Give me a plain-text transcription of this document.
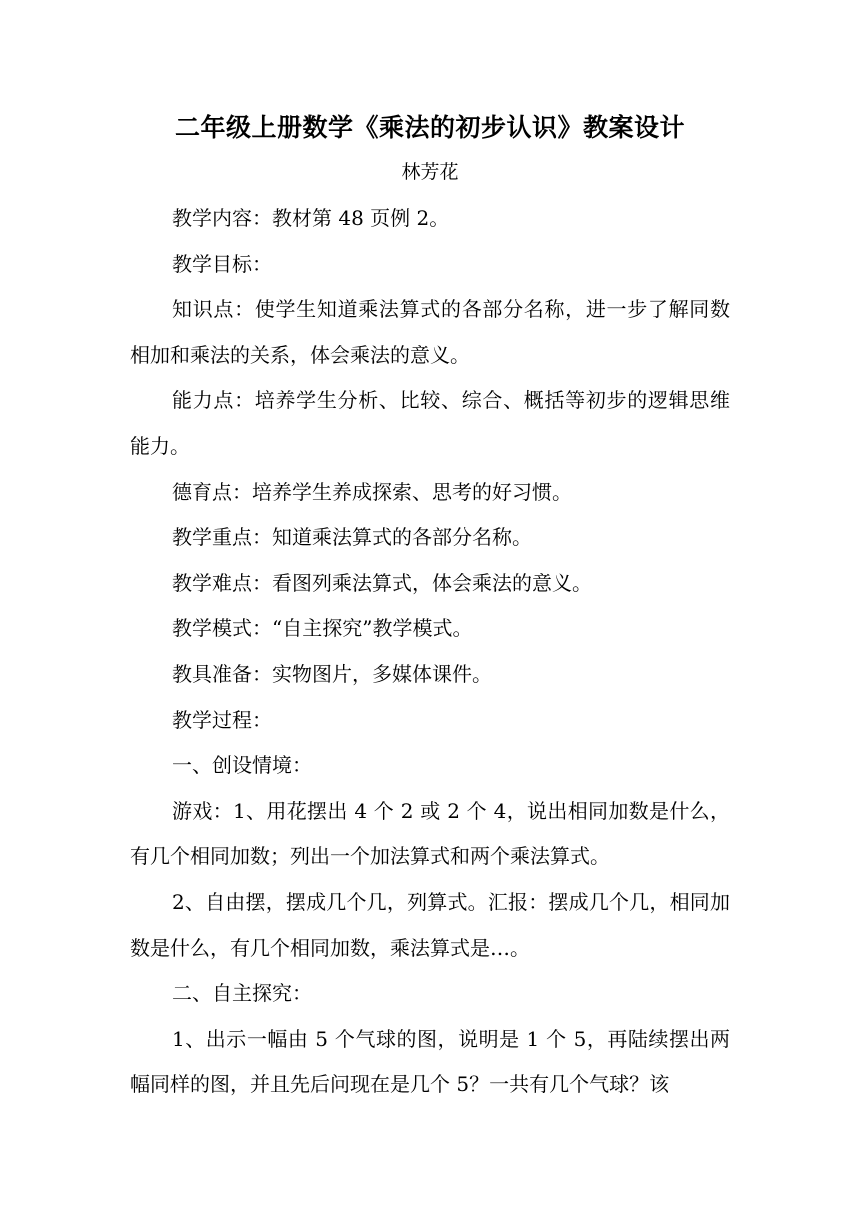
二年级上册数学《乘法的初步认识》教案设计
林芳花

教学内容：教材第 48 页例 2。

教学目标：

知识点：使学生知道乘法算式的各部分名称，进一步了解同数相加和乘法的关系，体会乘法的意义。

能力点：培养学生分析、比较、综合、概括等初步的逻辑思维能力。

德育点：培养学生养成探索、思考的好习惯。

教学重点：知道乘法算式的各部分名称。

教学难点：看图列乘法算式，体会乘法的意义。

教学模式：“自主探究”教学模式。

教具准备：实物图片，多媒体课件。

教学过程：

一、创设情境：

游戏：1、用花摆出 4 个 2 或 2 个 4，说出相同加数是什么，有几个相同加数；列出一个加法算式和两个乘法算式。

2、自由摆，摆成几个几，列算式。汇报：摆成几个几，相同加数是什么，有几个相同加数，乘法算式是…。

二、自主探究：

1、出示一幅由 5 个气球的图，说明是 1 个 5，再陆续摆出两幅同样的图，并且先后问现在是几个 5？一共有几个气球？该
